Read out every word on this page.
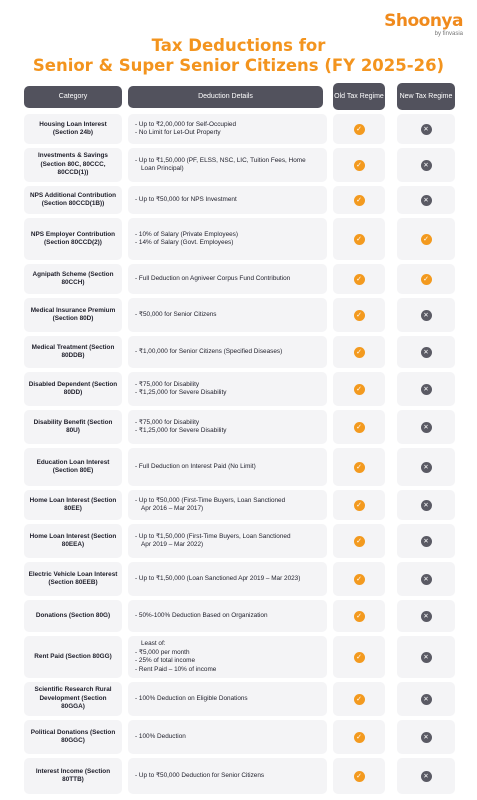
Shoonya
by finvasia
Tax Deductions for
Senior & Super Senior Citizens (FY 2025-26)
Category	Deduction Details	Old Tax Regime	New Tax Regime
Housing Loan Interest (Section 24b)
- Up to ₹2,00,000 for Self-Occupied
- No Limit for Let-Out Property	✓	✕
Investments & Savings (Section 80C, 80CCC, 80CCD(1))
- Up to ₹1,50,000 (PF, ELSS, NSC, LIC, Tuition Fees, Home
Loan Principal)	✓	✕
NPS Additional Contribution (Section 80CCD(1B))
- Up to ₹50,000 for NPS Investment	✓	✕
NPS Employer Contribution (Section 80CCD(2))
- 10% of Salary (Private Employees)
- 14% of Salary (Govt. Employees)	✓	✓
Agnipath Scheme (Section 80CCH)
- Full Deduction on Agniveer Corpus Fund Contribution	✓	✓
Medical Insurance Premium (Section 80D)
- ₹50,000 for Senior Citizens	✓	✕
Medical Treatment (Section 80DDB)
- ₹1,00,000 for Senior Citizens (Specified Diseases)	✓	✕
Disabled Dependent (Section 80DD)
- ₹75,000 for Disability
- ₹1,25,000 for Severe Disability	✓	✕
Disability Benefit (Section 80U)
- ₹75,000 for Disability
- ₹1,25,000 for Severe Disability	✓	✕
Education Loan Interest (Section 80E)
- Full Deduction on Interest Paid (No Limit)	✓	✕
Home Loan Interest (Section 80EE)
- Up to ₹50,000 (First-Time Buyers, Loan Sanctioned
Apr 2016 – Mar 2017)	✓	✕
Home Loan Interest (Section 80EEA)
- Up to ₹1,50,000 (First-Time Buyers, Loan Sanctioned
Apr 2019 – Mar 2022)	✓	✕
Electric Vehicle Loan Interest (Section 80EEB)
- Up to ₹1,50,000 (Loan Sanctioned Apr 2019 – Mar 2023)	✓	✕
Donations (Section 80G)	- 50%-100% Deduction Based on Organization	✓	✕
Rent Paid (Section 80GG)
Least of:
- ₹5,000 per month
- 25% of total income
- Rent Paid – 10% of income
✓	✕
Scientific Research Rural Development (Section 80GGA)
- 100% Deduction on Eligible Donations	✓	✕
Political Donations (Section 80GGC)
- 100% Deduction	✓	✕
Interest Income (Section 80TTB)
- Up to ₹50,000 Deduction for Senior Citizens	✓	✕
